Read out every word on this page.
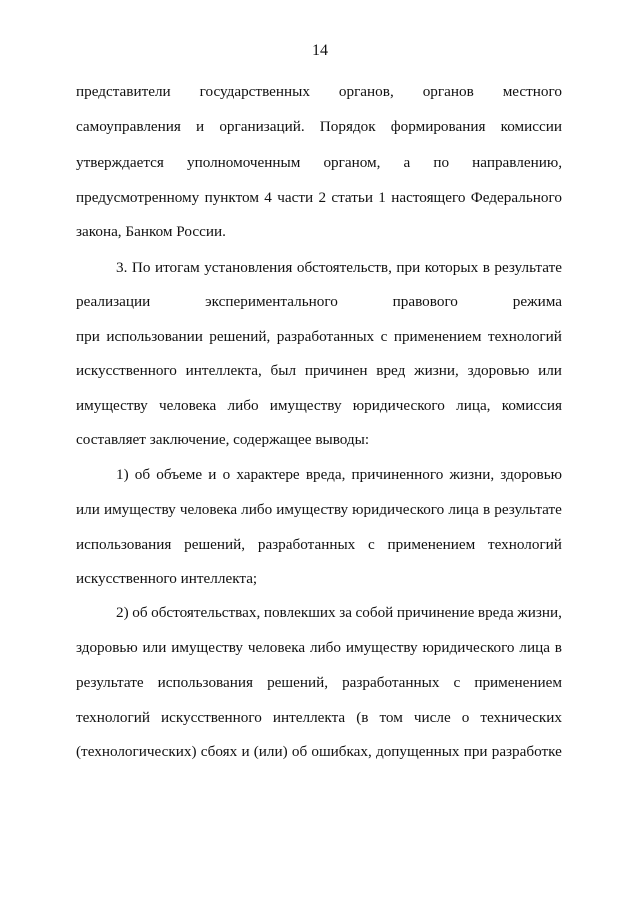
14
представители государственных органов, органов местного
самоуправления и организаций. Порядок формирования комиссии
утверждается уполномоченным органом, а по направлению,
предусмотренному пунктом 4 части 2 статьи 1 настоящего Федерального
закона, Банком России.
3. По итогам установления обстоятельств, при которых в результате
реализации	экспериментального	правового	режима
при использовании решений, разработанных с применением технологий
искусственного интеллекта, был причинен вред жизни, здоровью или
имуществу человека либо имуществу юридического лица, комиссия
составляет заключение, содержащее выводы:
1) об объеме и о характере вреда, причиненного жизни, здоровью
или имуществу человека либо имуществу юридического лица в результате
использования решений, разработанных с применением технологий
искусственного интеллекта;
2) об обстоятельствах, повлекших за собой причинение вреда жизни,
здоровью или имуществу человека либо имуществу юридического лица в
результате использования решений, разработанных с применением
технологий искусственного интеллекта (в том числе о технических
(технологических) сбоях и (или) об ошибках, допущенных при разработке
